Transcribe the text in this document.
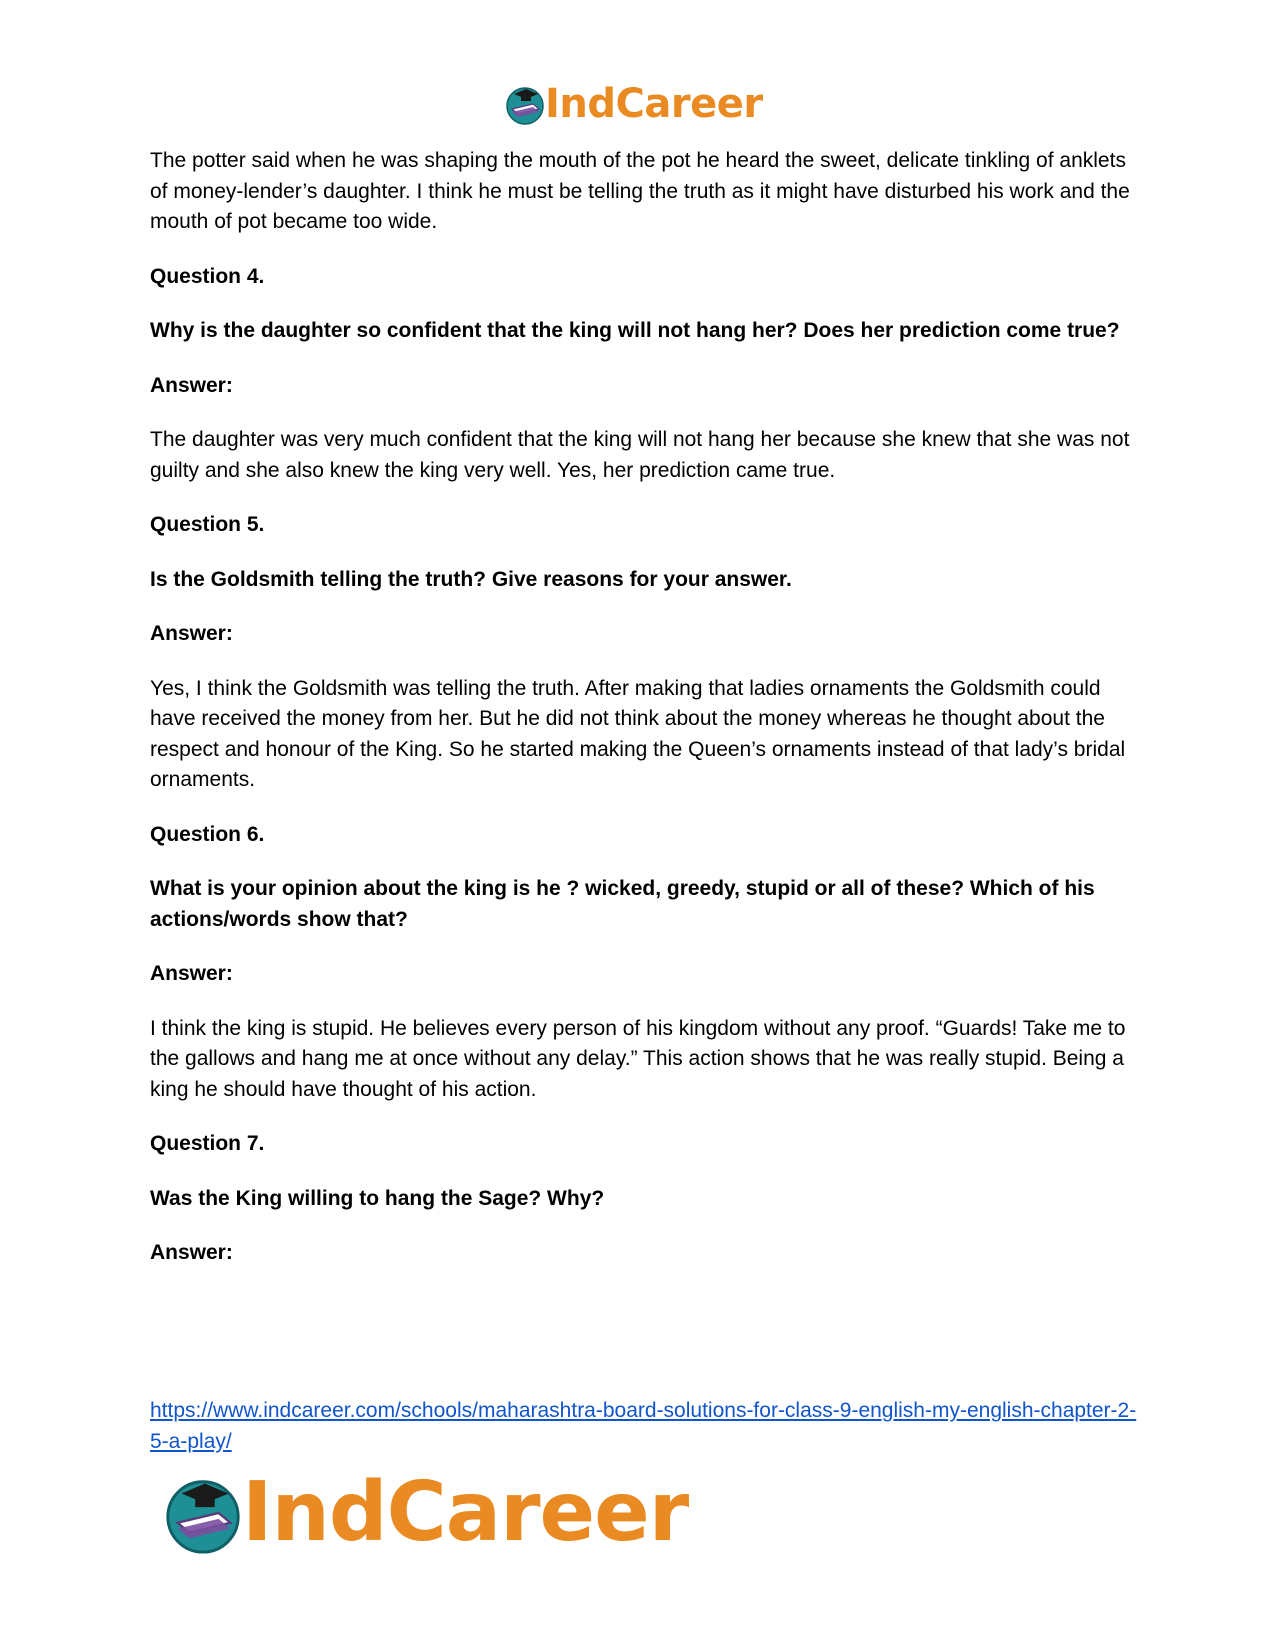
IndCareer

The potter said when he was shaping the mouth of the pot he heard the sweet, delicate tinkling of anklets of money-lender’s daughter. I think he must be telling the truth as it might have disturbed his work and the mouth of pot became too wide.

Question 4.

Why is the daughter so confident that the king will not hang her? Does her prediction come true?

Answer:

The daughter was very much confident that the king will not hang her because she knew that she was not guilty and she also knew the king very well. Yes, her prediction came true.

Question 5.

Is the Goldsmith telling the truth? Give reasons for your answer.

Answer:

Yes, I think the Goldsmith was telling the truth. After making that ladies ornaments the Goldsmith could have received the money from her. But he did not think about the money whereas he thought about the respect and honour of the King. So he started making the Queen’s ornaments instead of that lady’s bridal ornaments.

Question 6.

What is your opinion about the king is he ? wicked, greedy, stupid or all of these? Which of his actions/words show that?

Answer:

I think the king is stupid. He believes every person of his kingdom without any proof. “Guards! Take me to the gallows and hang me at once without any delay.” This action shows that he was really stupid. Being a king he should have thought of his action.

Question 7.

Was the King willing to hang the Sage? Why?

Answer:

https://www.indcareer.com/schools/maharashtra-board-solutions-for-class-9-english-my-english-chapter-2-5-a-play/
IndCareer
